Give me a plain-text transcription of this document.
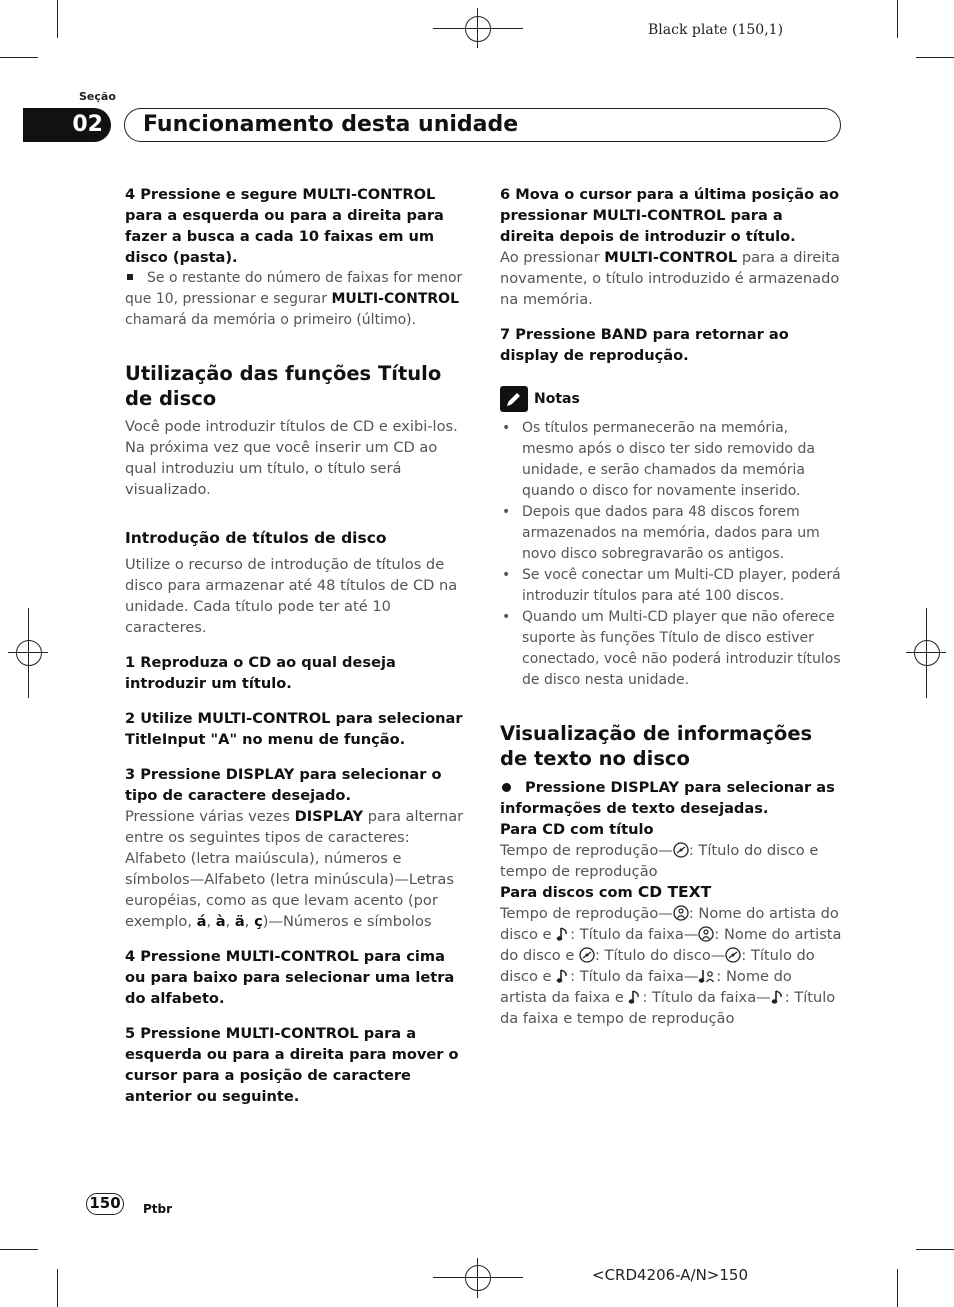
Black plate (150,1)
Seção
02	Funcionamento desta unidade

4 Pressione e segure MULTI-CONTROL para a esquerda ou para a direita para fazer a busca a cada 10 faixas em um disco (pasta).

Se o restante do número de faixas for menor que 10, pressionar e segurar MULTI-CONTROL chamará da memória o primeiro (último).

Utilização das funções Título de disco

Você pode introduzir títulos de CD e exibi-los. Na próxima vez que você inserir um CD ao qual introduziu um título, o título será visualizado.

Introdução de títulos de disco

Utilize o recurso de introdução de títulos de disco para armazenar até 48 títulos de CD na unidade. Cada título pode ter até 10 caracteres.

1 Reproduza o CD ao qual deseja introduzir um título.

2 Utilize MULTI-CONTROL para selecionar TitleInput "A" no menu de função.

3 Pressione DISPLAY para selecionar o tipo de caractere desejado.

Pressione várias vezes DISPLAY para alternar entre os seguintes tipos de caracteres: Alfabeto (letra maiúscula), números e símbolos—Alfabeto (letra minúscula)—Letras européias, como as que levam acento (por exemplo, á, à, ä, ç)—Números e símbolos

4 Pressione MULTI-CONTROL para cima ou para baixo para selecionar uma letra do alfabeto.

5 Pressione MULTI-CONTROL para a esquerda ou para a direita para mover o cursor para a posição de caractere anterior ou seguinte.

6 Mova o cursor para a última posição ao pressionar MULTI-CONTROL para a direita depois de introduzir o título.

Ao pressionar MULTI-CONTROL para a direita novamente, o título introduzido é armazenado na memória.

7 Pressione BAND para retornar ao display de reprodução.

Notas
• Os títulos permanecerão na memória, mesmo após o disco ter sido removido da unidade, e serão chamados da memória quando o disco for novamente inserido.
• Depois que dados para 48 discos forem armazenados na memória, dados para um novo disco sobregravarão os antigos.
• Se você conectar um Multi-CD player, poderá introduzir títulos para até 100 discos.
• Quando um Multi-CD player que não oferece suporte às funções Título de disco estiver conectado, você não poderá introduzir títulos de disco nesta unidade.

Visualização de informações de texto no disco

Pressione DISPLAY para selecionar as informações de texto desejadas.

Para CD com título

Tempo de reprodução— : Título do disco e tempo de reprodução

Para discos com CD TEXT

Tempo de reprodução— : Nome do artista do disco e : Título da faixa— : Nome do artista do disco e : Título do disco— : Título do disco e : Título da faixa— : Nome do artista da faixa e : Título da faixa— : Título da faixa e tempo de reprodução

150 Ptbr
<CRD4206-A/N>150
